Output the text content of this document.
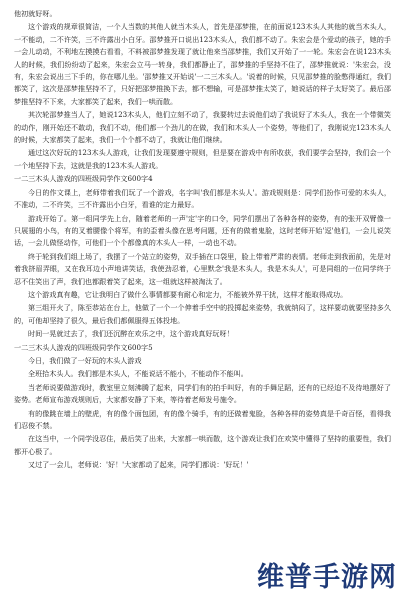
他初就好呀。
这个游戏的规章很简洁，一个人当数的其他人就当木头人，首先是邵梦推，在前面说123木头人其他的就当木头人，一不能动，二不许笑，三不许露出小白牙。邵梦推开口说出123木头人，我们都不动了。朱宏会是个爱动的孩子，她的手一会儿动动，不利地左摸摸右看看，不料被邵梦推发现了就让他来当邵梦推，我们又开始了一一轮。朱宏会在说123木头人的时候，我们纷纷动了起来，朱宏会立马一转身，我们都静止了，邵梦推的手坚持不住了，邵梦推就说：'朱宏会，没有，朱宏会说出三下手的，你在哪儿坐。'邵梦推又开始说'一二三木头人。'说着的时候，只见邵梦推的脸憋得通红，我们都笑了，这次是邵梦推坚持不了，只好把邵梦推换下去，都不想输，可是邵梦推太笑了，她说话的样子太好笑了。最后邵梦推坚持不下来，大家都笑了起来，我们一哄而散。
其次轮邵梦推当人了，她说123木头人，他们立刻不动了，我要转过去说他们动了我说好了木头人，我在一个带微笑的动作，刚开始还不敢动，我们不动，他们都一个劲儿的在做，我们和木头人一个姿势，等他们了，我刚说完123木头人的时候，大家都笑了起来，我们一个个都不动了，我就让他们继续。
通过这次好玩的123木头人游戏，让我们发现要遵守规则，但是要在游戏中有所收获，我们要学会坚持，我们会一个一个地坚持下去，这就是我的123木头人游戏。
一二三木头人游戏的四班级同学作文600字4
今日的作文课上，老师带着我们玩了一个游戏，名字叫'我们都是木头人'。游戏规则是：同学们扮作可爱的木头人，不准动，二不许笑，三不许露出小白牙，看谁的定力最好。
游戏开始了。第一组同学先上台，随着老师的一声'定'字的口令，同学们摆出了各种各样的姿势，有的张开双臂像一只展翅的小鸟，有的叉着腰像个将军，有的歪着头像在思考问题，还有的做着鬼脸，这时老师开始'逗'他们，一会儿说笑话，一会儿做怪动作，可他们一个个都像真的木头人一样，一动也不动。
终于轮到我们组上场了，我摆了一个站立的姿势，双手插在口袋里，脸上带着严肃的表情。老师走到我面前，先是对着我挤眉弄眼，又在我耳边小声地讲笑话，我使劲忍着，心里默念'我是木头人，我是木头人'，可是同组的一位同学终于忍不住笑出了声，我们也都跟着笑了起来，这一组就这样被淘汰了。
这个游戏真有趣，它让我明白了做什么事情都要有耐心和定力，不能被外界干扰，这样才能取得成功。
第三组开火了，陈至恭站在台上，他做了一个一个伸着手空中的投掷起来姿势，我就纳闷了，这样要动就要坚持多久的，可他却坚持了很久，最后我们都佩服得五体投地。
时间一晃就过去了，我们还沉醉在欢乐之中，这个游戏真好玩呀！
一二三木头人游戏的四班级同学作文600字5
今日，我们做了一好玩的木头人游戏
全班拾木头人。我们都是木头人，不能说话不能小，不能动作不能叫。
当老师说要做游戏时，教室里立刻沸腾了起来，同学们有的拍手叫好，有的手舞足蹈，还有的已经迫不及待地摆好了姿势。老师宣布游戏规则后，大家都安静了下来，等待着老师发号施令。
有的像跳在墙上的壁虎，有的像个面包团，有的像个骑手，有的还做着鬼脸，各种各样的姿势真是千奇百怪，看得我们忍俊不禁。
在这当中，一个同学没忍住，最后笑了出来，大家都一哄而散，这个游戏让我们在欢笑中懂得了坚持的重要性，我们都开心极了。
又过了一会儿，老师说：'好！'大家都动了起来，同学们都说：'好玩！'
维普手游网
